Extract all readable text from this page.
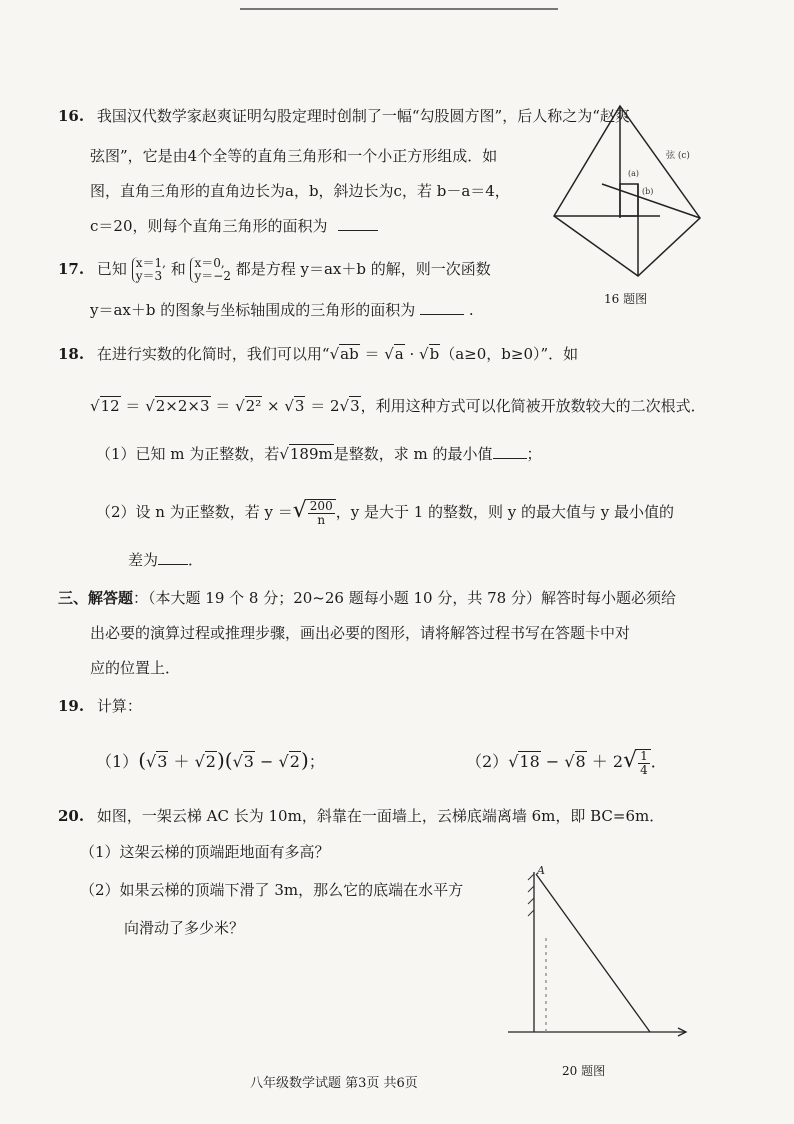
16. 我国汉代数学家赵爽证明勾股定理时创制了一幅“勾股圆方图”，后人称之为“赵爽
弦图”，它是由4个全等的直角三角形和一个小正方形组成．如
图，直角三角形的直角边长为a，b，斜边长为c，若 b－a＝4，
c＝20，则每个直角三角形的面积为
弦 (c)
(a)
(b)
16 题图
17. 已知 x＝1,
y＝3 和 x＝0,
y＝−2 都是方程 y＝ax＋b 的解，则一次函数
y＝ax＋b 的图象与坐标轴围成的三角形的面积为	.
18. 在进行实数的化简时，我们可以用“√ab ＝ √a · √b（a≥0，b≥0）”．如
√12 ＝ √2×2×3 ＝ √2² × √3 ＝ 2√3，利用这种方式可以化简被开放数较大的二次根式．
（1）已知 m 为正整数，若√189m是整数，求 m 的最小值 ；
（2）设 n 为正整数，若 y ＝√ $\frac{200}{n}$ ，y 是大于 1 的整数，则 y 的最大值与 y 最小值的
差为 ．
三、解答题：（本大题 19 个 8 分；20~26 题每小题 10 分，共 78 分）解答时每小题必须给
出必要的演算过程或推理步骤，画出必要的图形，请将解答过程书写在答题卡中对
应的位置上．
19. 计算：
（1）(√3 ＋ √2)(√3 − √2)；	$(2)√18 - √8 + 2√ \frac{1}{4}$ ．
20. 如图，一架云梯 AC 长为 10m，斜靠在一面墙上，云梯底端离墙 6m，即 BC=6m．
（1）这架云梯的顶端距地面有多高？
（2）如果云梯的顶端下滑了 3m，那么它的底端在水平方
向滑动了多少米？
A
20 题图
八年级数学试题 第3页 共6页
